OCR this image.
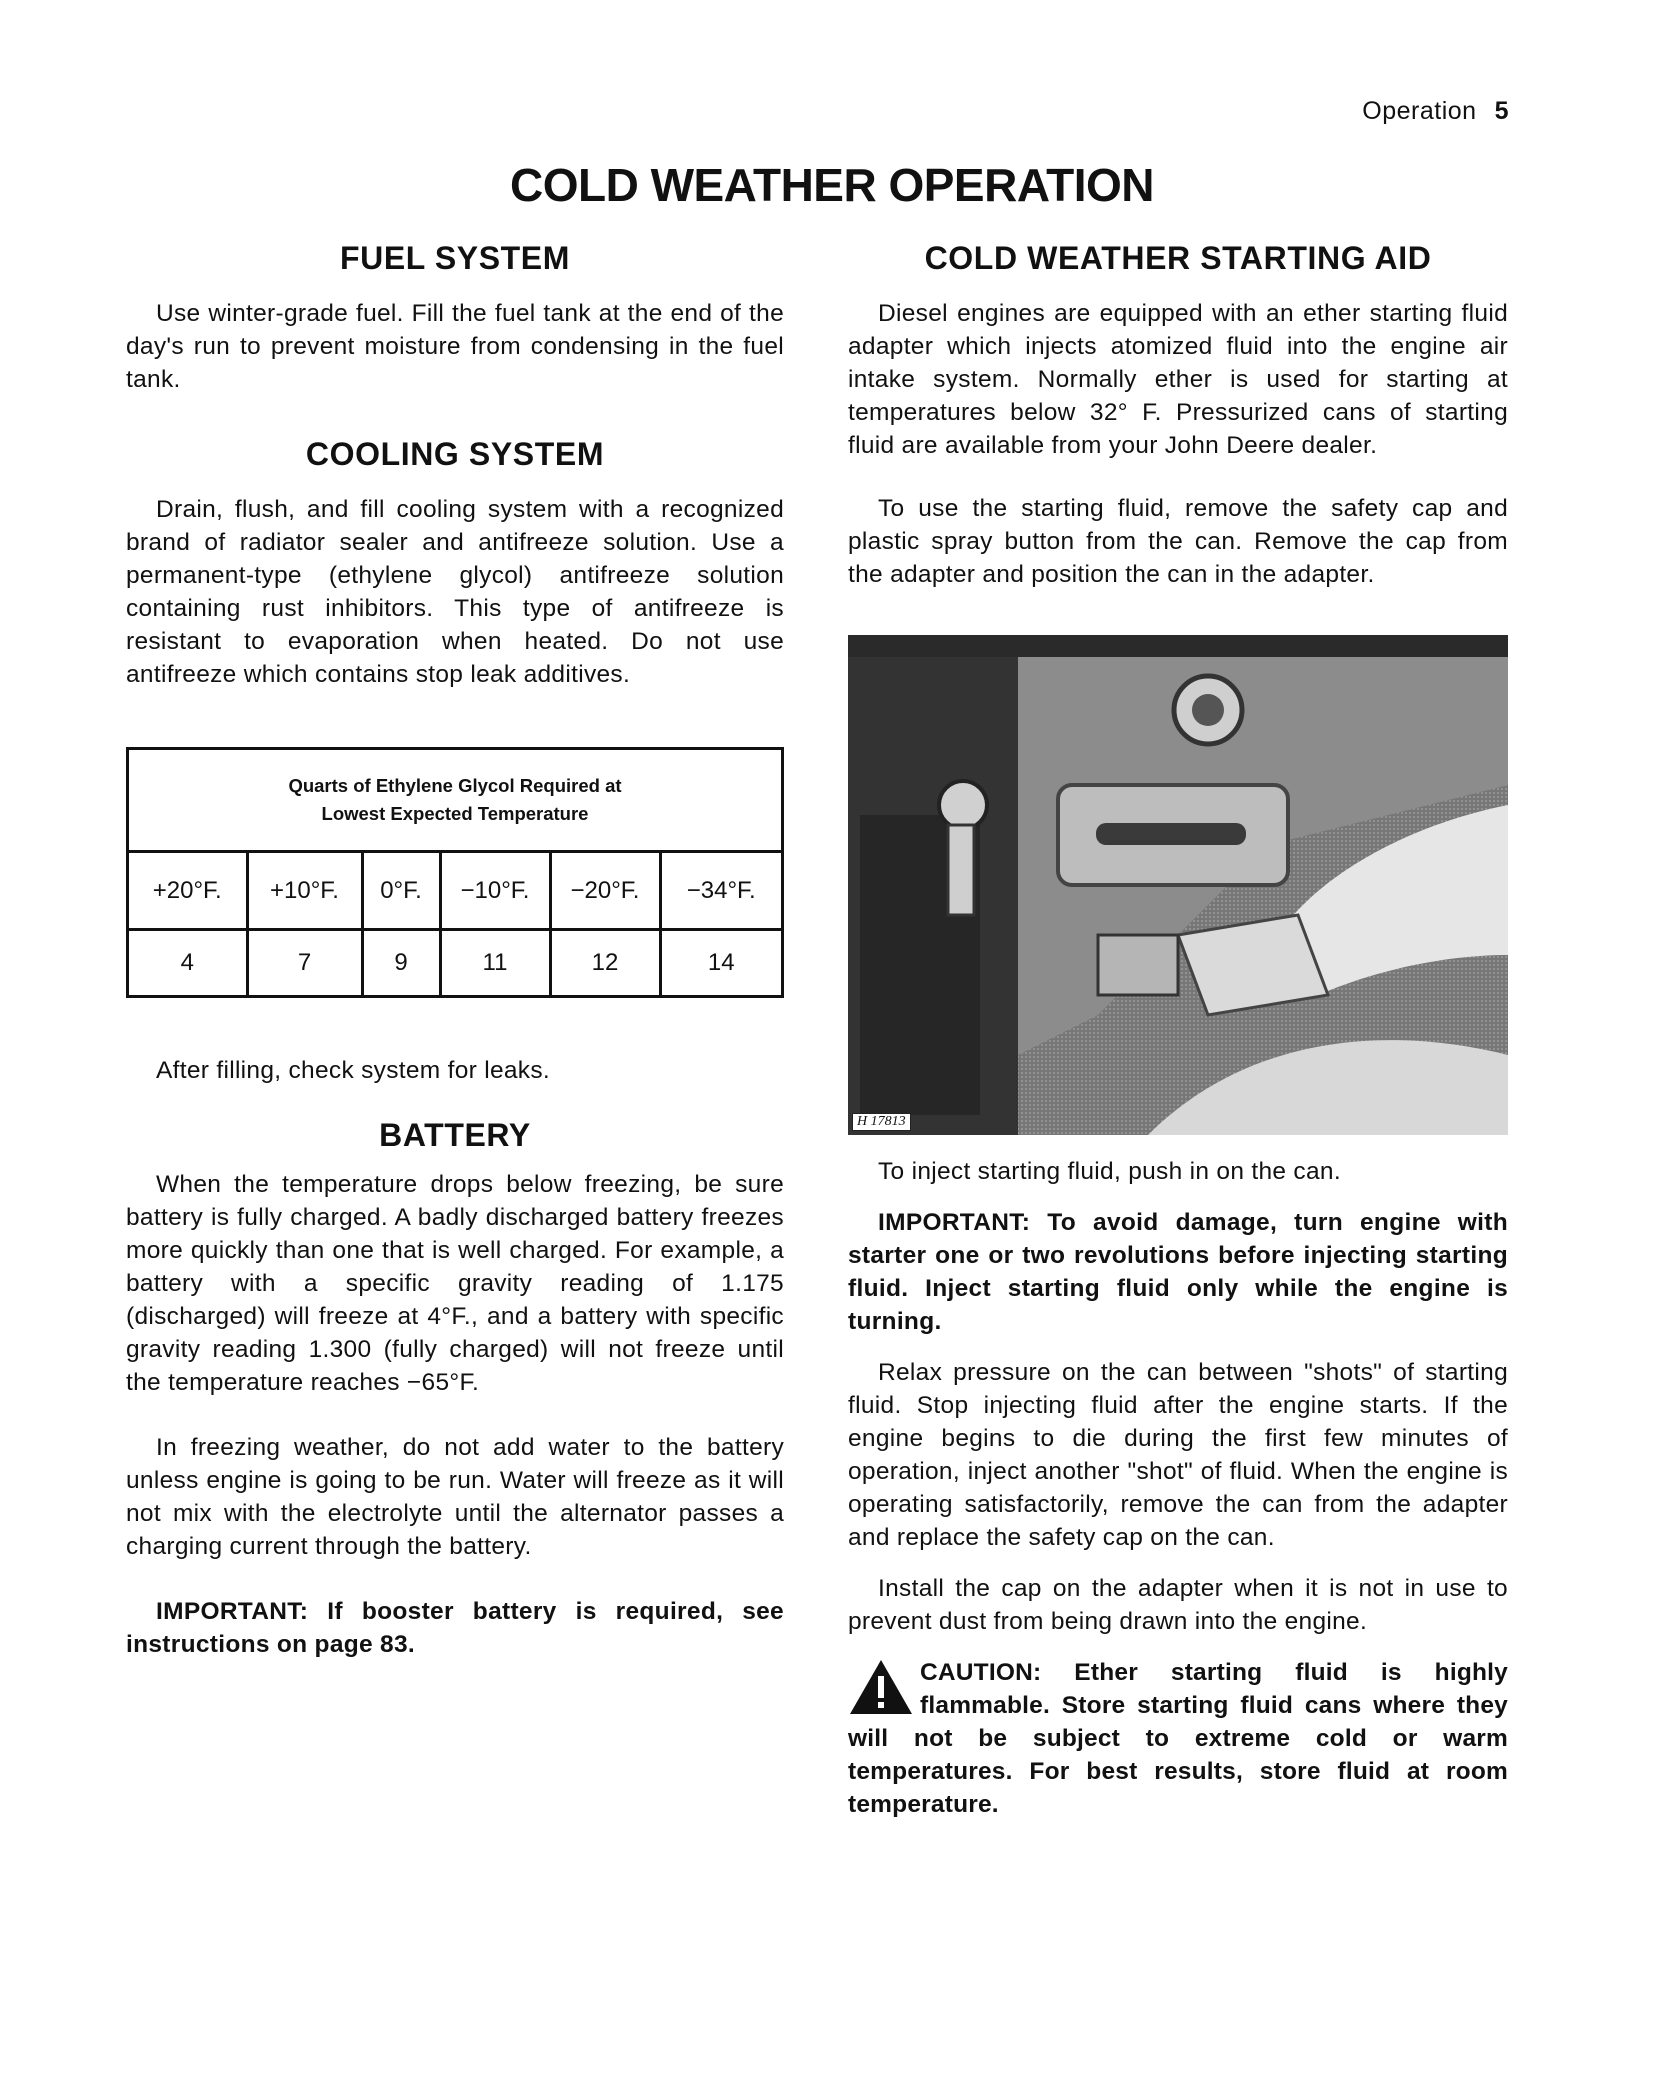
Operation 5
COLD WEATHER OPERATION
FUEL SYSTEM

Use winter-grade fuel. Fill the fuel tank at the end of the day's run to prevent moisture from condensing in the fuel tank.

COOLING SYSTEM

Drain, flush, and fill cooling system with a recognized brand of radiator sealer and antifreeze solution. Use a permanent-type (ethylene glycol) antifreeze solution containing rust inhibitors. This type of antifreeze is resistant to evaporation when heated. Do not use antifreeze which contains stop leak additives.

Quarts of Ethylene Glycol Required at
Lowest Expected Temperature
+20°F.	+10°F.	0°F.	−10°F.	−20°F.	−34°F.
4	7	9	11	12	14

After filling, check system for leaks.

BATTERY

When the temperature drops below freezing, be sure battery is fully charged. A badly discharged battery freezes more quickly than one that is well charged. For example, a battery with a specific gravity reading of 1.175 (discharged) will freeze at 4°F., and a battery with specific gravity reading 1.300 (fully charged) will not freeze until the temperature reaches −65°F.

In freezing weather, do not add water to the battery unless engine is going to be run. Water will freeze as it will not mix with the electrolyte until the alternator passes a charging current through the battery.

IMPORTANT: If booster battery is required, see instructions on page 83.

COLD WEATHER STARTING AID

Diesel engines are equipped with an ether starting fluid adapter which injects atomized fluid into the engine air intake system. Normally ether is used for starting at temperatures below 32° F. Pressurized cans of starting fluid are available from your John Deere dealer.

To use the starting fluid, remove the safety cap and plastic spray button from the can. Remove the cap from the adapter and position the can in the adapter.

H 17813

To inject starting fluid, push in on the can.

IMPORTANT: To avoid damage, turn engine with starter one or two revolutions before injecting starting fluid. Inject starting fluid only while the engine is turning.

Relax pressure on the can between "shots" of starting fluid. Stop injecting fluid after the engine starts. If the engine begins to die during the first few minutes of operation, inject another "shot" of fluid. When the engine is operating satisfactorily, remove the can from the adapter and replace the safety cap on the can.

Install the cap on the adapter when it is not in use to prevent dust from being drawn into the engine.

CAUTION: Ether starting fluid is highly flammable. Store starting fluid cans where they will not be subject to extreme cold or warm temperatures. For best results, store fluid at room temperature.
